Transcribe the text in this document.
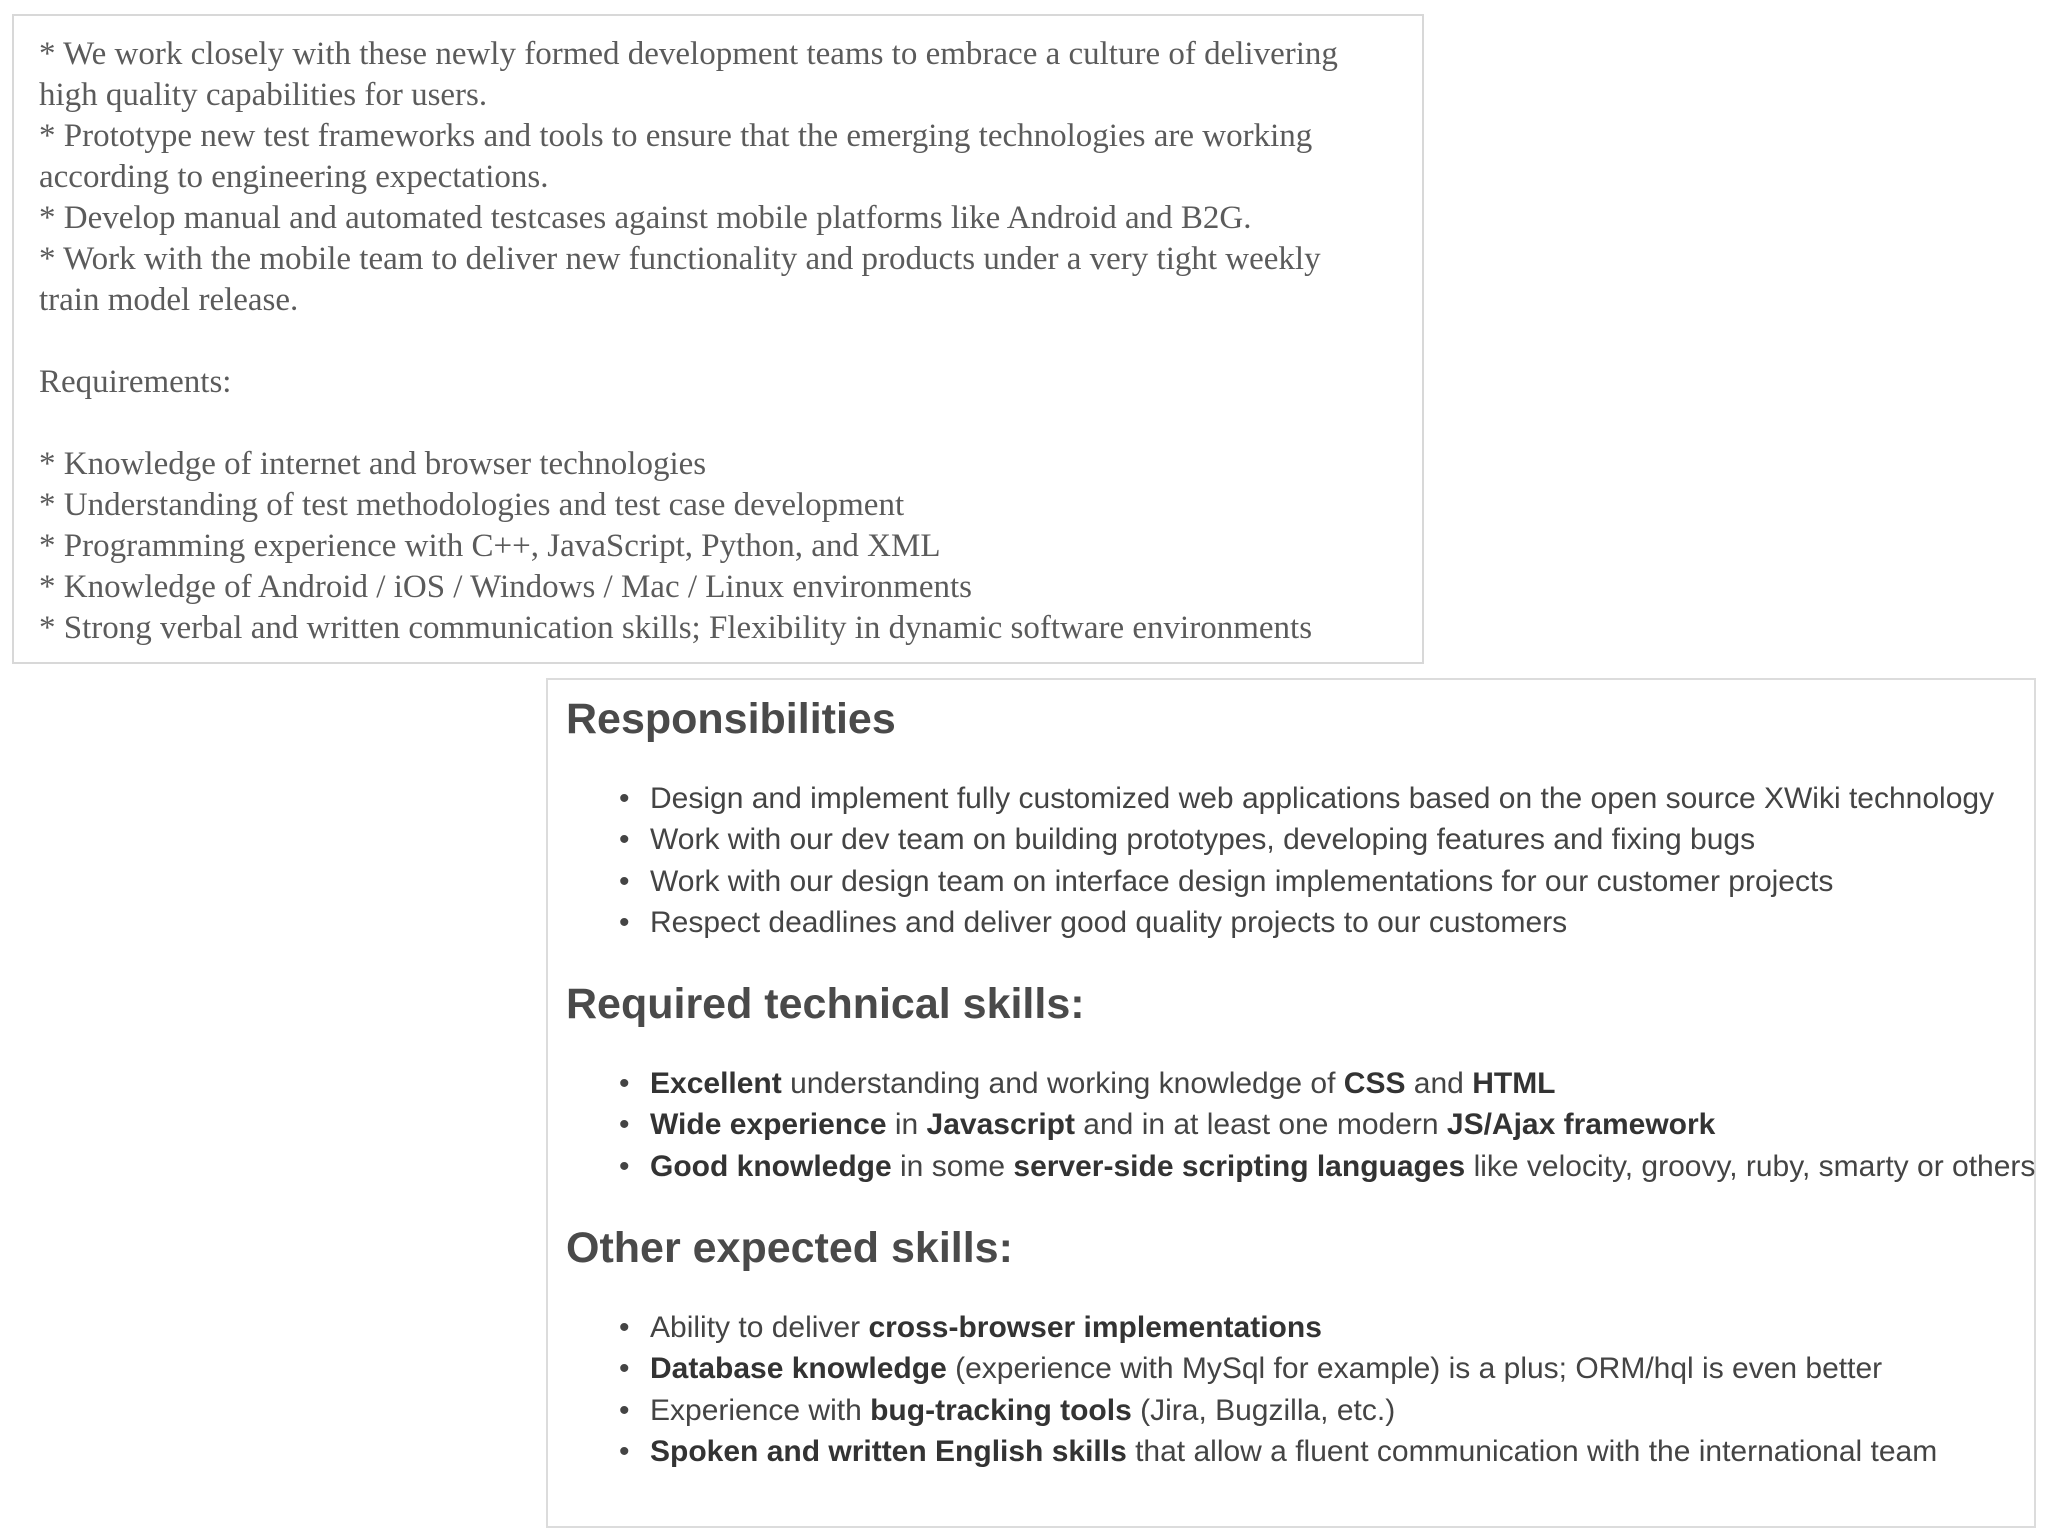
* We work closely with these newly formed development teams to embrace a culture of delivering
high quality capabilities for users.
* Prototype new test frameworks and tools to ensure that the emerging technologies are working
according to engineering expectations.
* Develop manual and automated testcases against mobile platforms like Android and B2G.
* Work with the mobile team to deliver new functionality and products under a very tight weekly
train model release.
Requirements:
* Knowledge of internet and browser technologies
* Understanding of test methodologies and test case development
* Programming experience with C++, JavaScript, Python, and XML
* Knowledge of Android / iOS / Windows / Mac / Linux environments
* Strong verbal and written communication skills; Flexibility in dynamic software environments
Responsibilities
• Design and implement fully customized web applications based on the open source XWiki technology
• Work with our dev team on building prototypes, developing features and fixing bugs
• Work with our design team on interface design implementations for our customer projects
• Respect deadlines and deliver good quality projects to our customers
Required technical skills:
• Excellent understanding and working knowledge of CSS and HTML
• Wide experience in Javascript and in at least one modern JS/Ajax framework
• Good knowledge in some server-side scripting languages like velocity, groovy, ruby, smarty or others
Other expected skills:
• Ability to deliver cross-browser implementations
• Database knowledge (experience with MySql for example) is a plus; ORM/hql is even better
• Experience with bug-tracking tools (Jira, Bugzilla, etc.)
• Spoken and written English skills that allow a fluent communication with the international team
